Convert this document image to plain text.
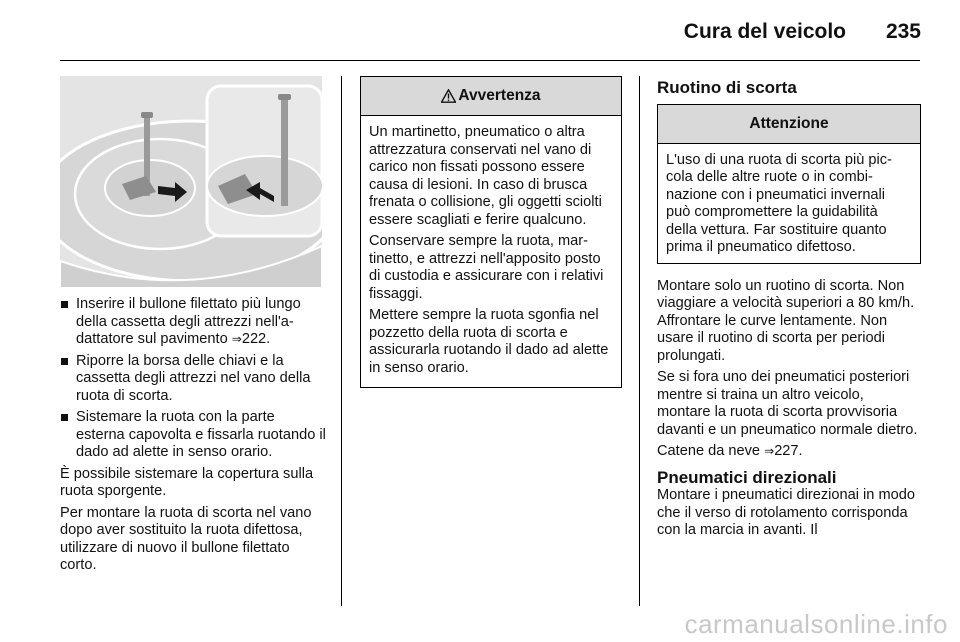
Cura del veicolo 235
Inserire il bullone filettato più lungo della cassetta degli attrezzi nell'adattatore sul pavimento ⇒ 222.
Riporre la borsa delle chiavi e la cassetta degli attrezzi nel vano della ruota di scorta.
Sistemare la ruota con la parte esterna capovolta e fissarla ruotando il dado ad alette in senso orario.

È possibile sistemare la copertura sulla ruota sporgente.

Per montare la ruota di scorta nel vano dopo aver sostituito la ruota difettosa, utilizzare di nuovo il bullone filettato corto.

Avvertenza

Un martinetto, pneumatico o altra attrezzatura conservati nel vano di carico non fissati possono essere causa di lesioni. In caso di brusca frenata o collisione, gli oggetti sciolti essere scagliati e ferire qualcuno.

Conservare sempre la ruota, martinetto, e attrezzi nell'apposito posto di custodia e assicurare con i relativi fissaggi.

Mettere sempre la ruota sgonfia nel pozzetto della ruota di scorta e assicurarla ruotando il dado ad alette in senso orario.

Ruotino di scorta
Attenzione

L'uso di una ruota di scorta più piccola delle altre ruote o in combinazione con i pneumatici invernali può compromettere la guidabilità della vettura. Far sostituire quanto prima il pneumatico difettoso.

Montare solo un ruotino di scorta. Non viaggiare a velocità superiori a 80 km/h. Affrontare le curve lentamente. Non usare il ruotino di scorta per periodi prolungati.

Se si fora uno dei pneumatici posteriori mentre si traina un altro veicolo, montare la ruota di scorta provvisoria davanti e un pneumatico normale dietro.

Catene da neve ⇒ 227.

Pneumatici direzionali

Montare i pneumatici direzionai in modo che il verso di rotolamento corrisponda con la marcia in avanti. Il

carmanualsonline.info
